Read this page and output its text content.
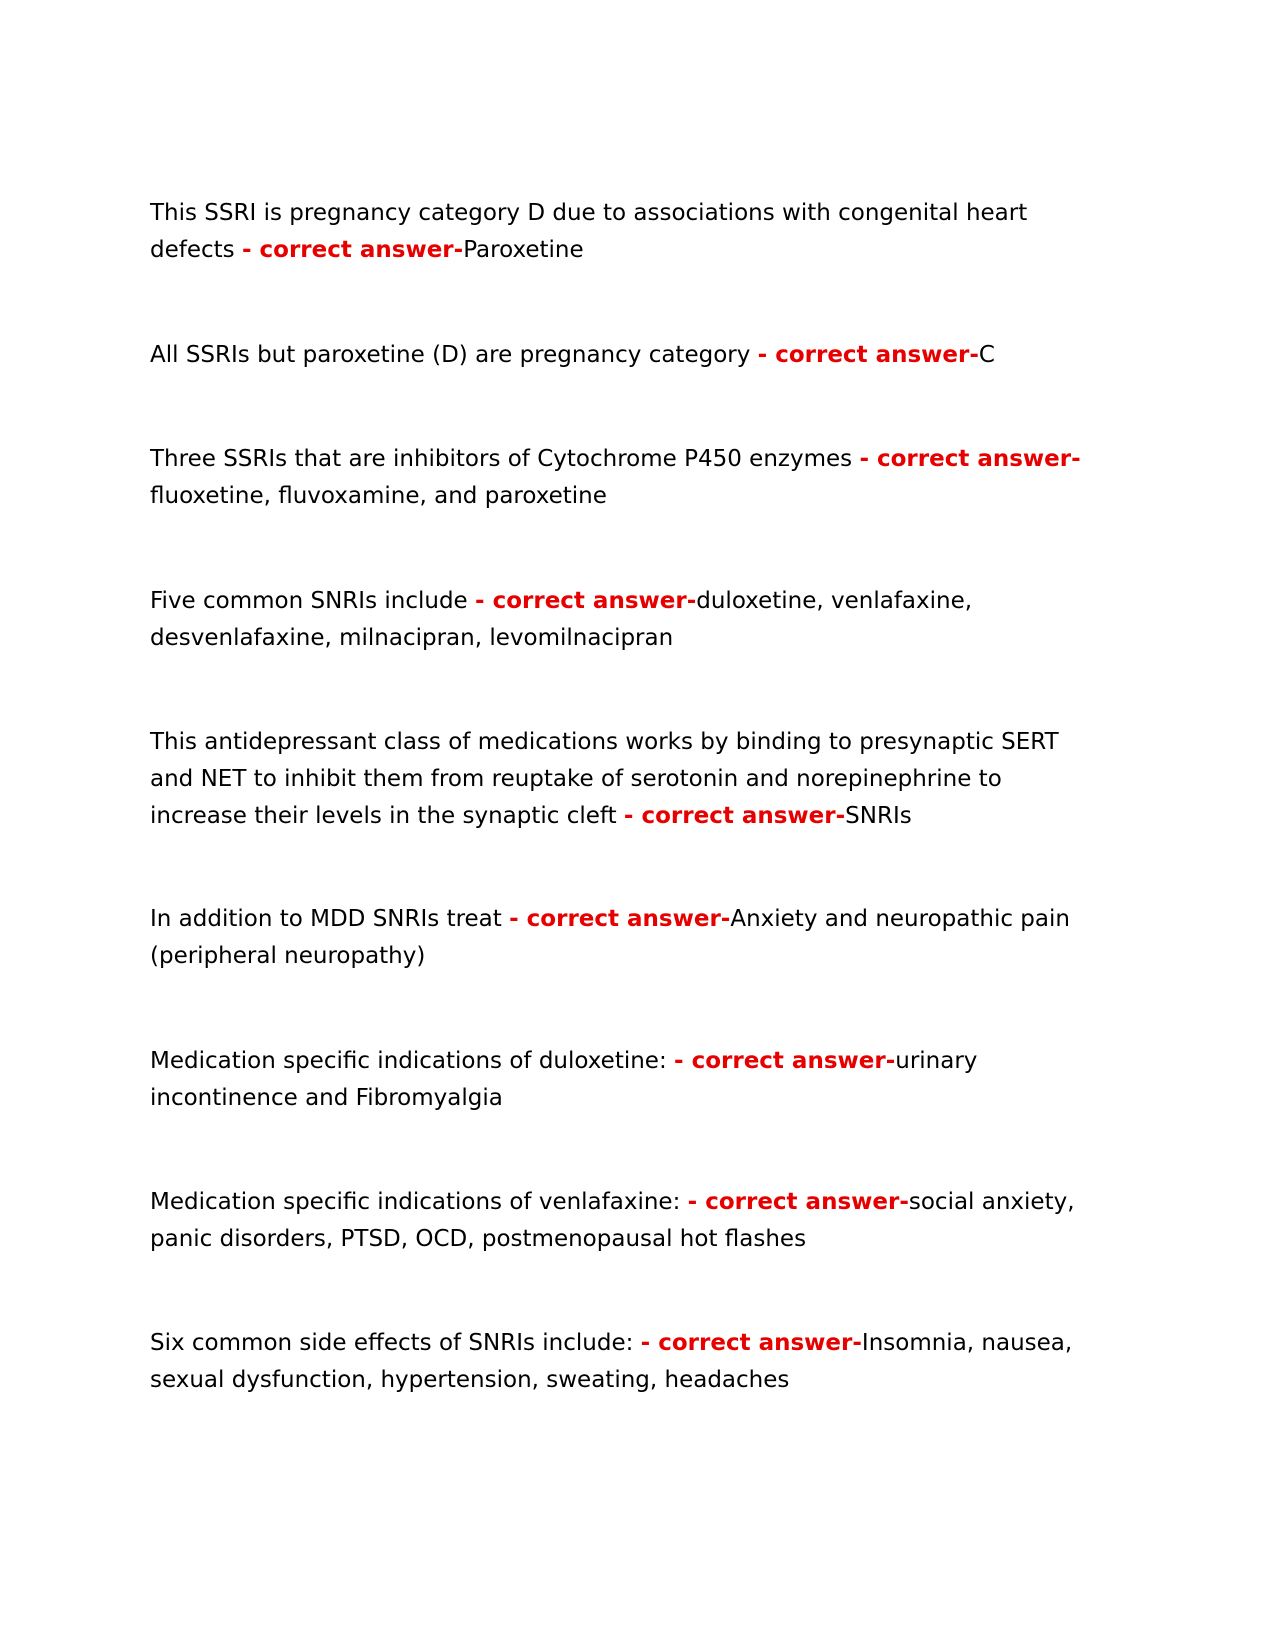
This SSRI is pregnancy category D due to associations with congenital heart defects - correct answer-Paroxetine

All SSRIs but paroxetine (D) are pregnancy category - correct answer-C

Three SSRIs that are inhibitors of Cytochrome P450 enzymes - correct answer-fluoxetine, fluvoxamine, and paroxetine

Five common SNRIs include - correct answer-duloxetine, venlafaxine, desvenlafaxine, milnacipran, levomilnacipran

This antidepressant class of medications works by binding to presynaptic SERT and NET to inhibit them from reuptake of serotonin and norepinephrine to increase their levels in the synaptic cleft - correct answer-SNRIs

In addition to MDD SNRIs treat - correct answer-Anxiety and neuropathic pain (peripheral neuropathy)

Medication specific indications of duloxetine: - correct answer-urinary incontinence and Fibromyalgia

Medication specific indications of venlafaxine: - correct answer-social anxiety, panic disorders, PTSD, OCD, postmenopausal hot flashes

Six common side effects of SNRIs include: - correct answer-Insomnia, nausea, sexual dysfunction, hypertension, sweating, headaches
